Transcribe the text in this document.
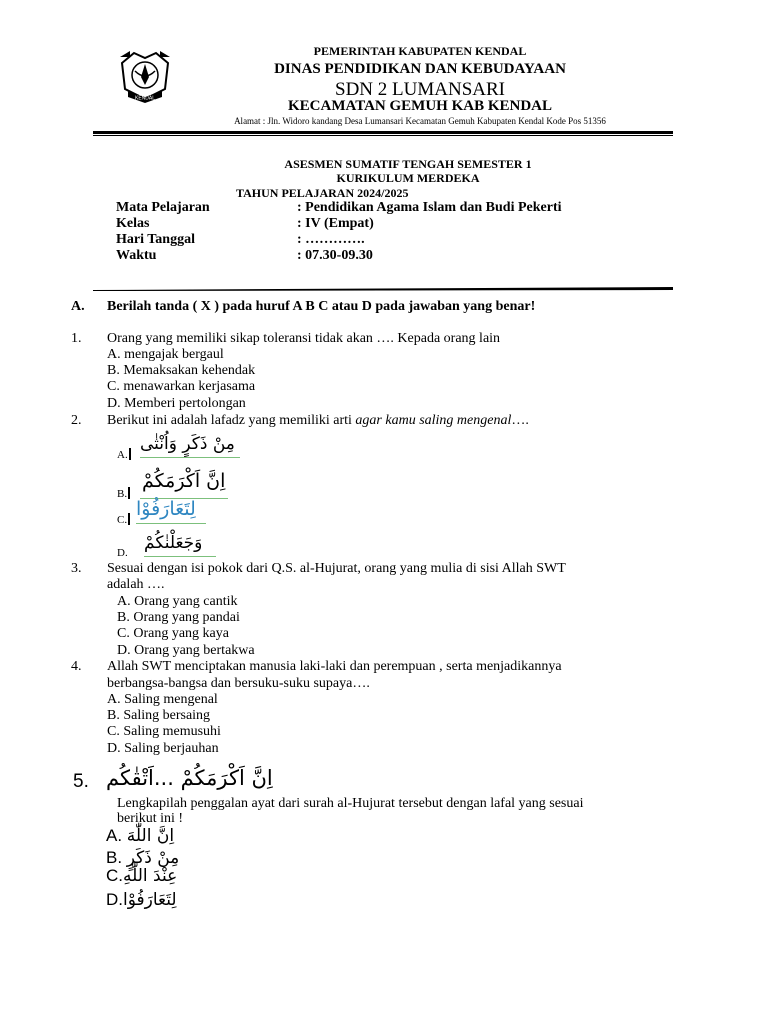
KENDAL
PEMERINTAH KABUPATEN KENDAL
DINAS PENDIDIKAN DAN KEBUDAYAAN
SDN 2 LUMANSARI
KECAMATAN GEMUH KAB KENDAL
Alamat : Jln. Widoro kandang Desa Lumansari Kecamatan Gemuh Kabupaten Kendal Kode Pos 51356
ASESMEN SUMATIF TENGAH SEMESTER 1
KURIKULUM MERDEKA
TAHUN PELAJARAN 2024/2025
Mata Pelajaran	: Pendidikan Agama Islam dan Budi Pekerti
Kelas	: IV (Empat)
Hari Tanggal	: ………….
Waktu	: 07.30-09.30
A. Berilah tanda ( X ) pada huruf A B C atau D pada jawaban yang benar!
1. Orang yang memiliki sikap toleransi tidak akan …. Kepada orang lain
A. mengajak bergaul
B. Memaksakan kehendak
C. menawarkan kerjasama
D. Memberi pertolongan
2. Berikut ini adalah lafadz yang memiliki arti agar kamu saling mengenal….
A.
مِنْ ذَكَرٍ وَاُنْثٰى
B.
اِنَّ اَكْرَمَكُمْ
C. لِتَعَارَفُوْا
D. وَجَعَلْنٰكُمْ
3. Sesuai dengan isi pokok dari Q.S. al-Hujurat, orang yang mulia di sisi Allah SWT
adalah ….
A. Orang yang cantik
B. Orang yang pandai
C. Orang yang kaya
D. Orang yang bertakwa
4. Allah SWT menciptakan manusia laki-laki dan perempuan , serta menjadikannya
berbangsa-bangsa dan bersuku-suku supaya….
A. Saling mengenal
B. Saling bersaing
C. Saling memusuhi
D. Saling berjauhan
5. اِنَّ اَكْرَمَكُمْ ...اَتْقٰكُم
Lengkapilah penggalan ayat dari surah al-Hujurat tersebut dengan lafal yang sesuai
berikut ini !
A. اِنَّ اللّٰهَ
B. مِنْ ذَكَرٍ
C.عِنْدَ اللّٰهِ
D.لِتَعَارَفُوْا
